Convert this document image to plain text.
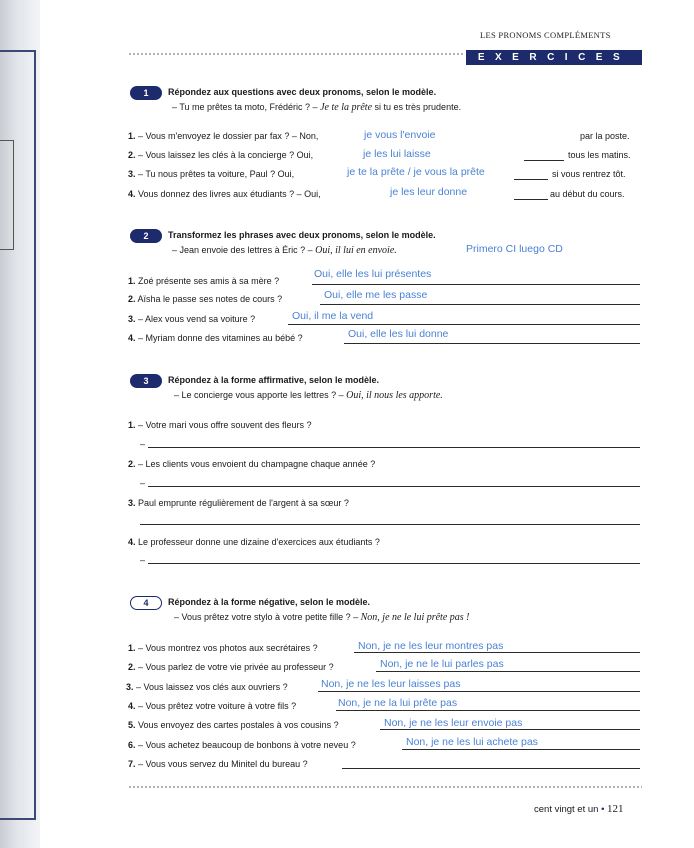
LES PRONOMS COMPLÉMENTS
EXERCICES
1	Répondez aux questions avec deux pronoms, selon le modèle.
– Tu me prêtes ta moto, Frédéric ? – Je te la prête si tu es très prudente.
1. – Vous m'envoyez le dossier par fax ? – Non,	je vous l'envoie	par la poste.
2. – Vous laissez les clés à la concierge ? Oui,	je les lui laisse	tous les matins.
3. – Tu nous prêtes ta voiture, Paul ? Oui,	je te la prête / je vous la prête	si vous rentrez tôt.
4. Vous donnez des livres aux étudiants ? – Oui,	je les leur donne	au début du cours.
2	Transformez les phrases avec deux pronoms, selon le modèle.
– Jean envoie des lettres à Éric ? – Oui, il lui en envoie.	Primero CI luego CD
1. Zoé présente ses amis à sa mère ?
Oui, elle les lui présentes
2. Aïsha le passe ses notes de cours ?	Oui, elle me les passe
3. – Alex vous vend sa voiture ?	Oui, il me la vend
4. – Myriam donne des vitamines au bébé ?	Oui, elle les lui donne
3	Répondez à la forme affirmative, selon le modèle.
– Le concierge vous apporte les lettres ? – Oui, il nous les apporte.
1. – Votre mari vous offre souvent des fleurs ?
–
2. – Les clients vous envoient du champagne chaque année ?
–
3. Paul emprunte régulièrement de l'argent à sa sœur ?
4. Le professeur donne une dizaine d'exercices aux étudiants ?
–
4	Répondez à la forme négative, selon le modèle.
– Vous prêtez votre stylo à votre petite fille ? – Non, je ne le lui prête pas !
1. – Vous montrez vos photos aux secrétaires ?	Non, je ne les leur montres pas
2. – Vous parlez de votre vie privée au professeur ?	Non, je ne le lui parles pas
3. – Vous laissez vos clés aux ouvriers ?	Non, je ne les leur laisses pas
4. – Vous prêtez votre voiture à votre fils ?	Non, je ne la lui prête pas
5. Vous envoyez des cartes postales à vos cousins ?	Non, je ne les leur envoie pas
6. – Vous achetez beaucoup de bonbons à votre neveu ?	Non, je ne les lui achete pas
7. – Vous vous servez du Minitel du bureau ?
cent vingt et un • 121
